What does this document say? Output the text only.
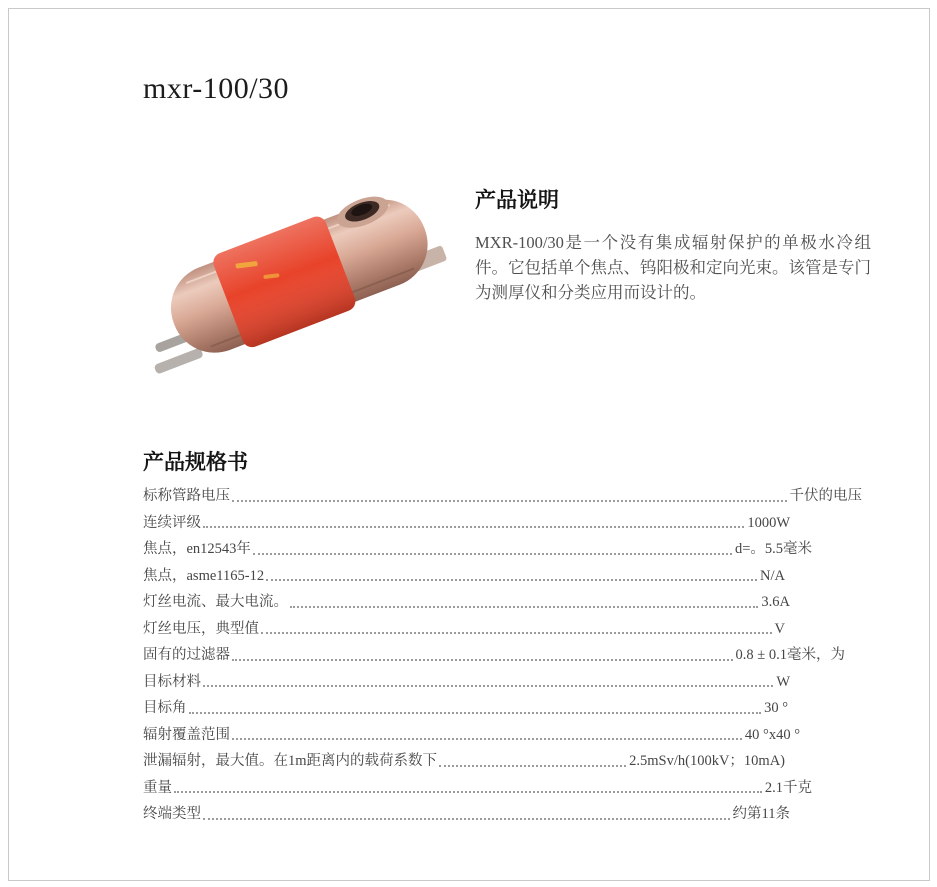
mxr-100/30
产品说明
MXR-100/30是一个没有集成辐射保护的单极水冷组件。它包括单个焦点、钨阳极和定向光束。该管是专门为测厚仪和分类应用而设计的。
产品规格书
标称管路电压	千伏的电压
连续评级	1000W
焦点，en12543年	d=。5.5毫米
焦点，asme1165-12	N/A
灯丝电流、最大电流。	3.6A
灯丝电压，典型值	V
固有的过滤器	0.8 ± 0.1毫米，为
目标材料	W
目标角	30 °
辐射覆盖范围	40 °x40 °
泄漏辐射，最大值。在1m距离内的载荷系数下	2.5mSv/h(100kV；10mA)
重量	2.1千克
终端类型	约第11条
